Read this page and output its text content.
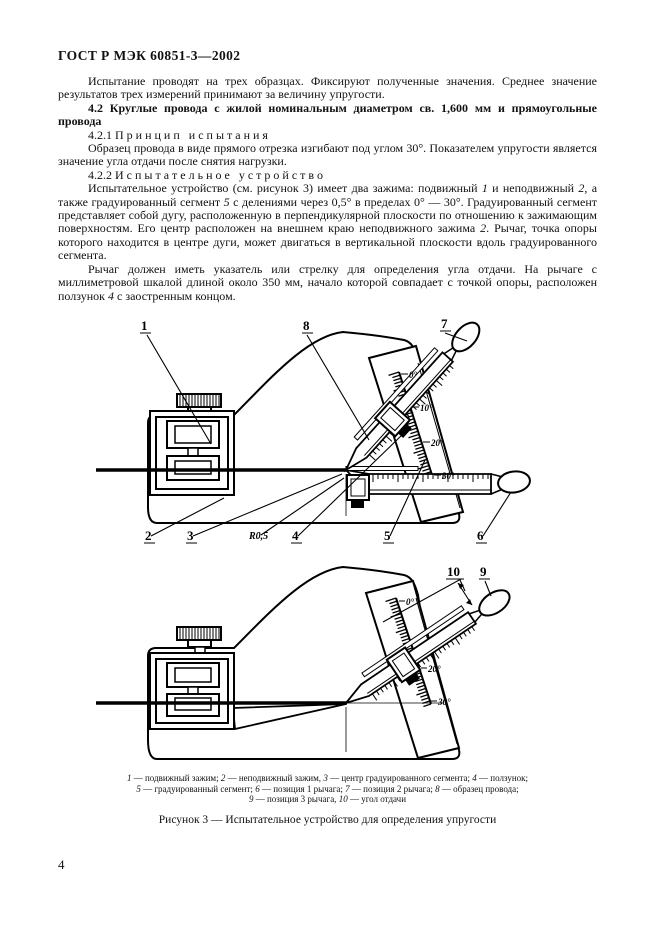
ГОСТ Р МЭК 60851-3—2002

Испытание проводят на трех образцах. Фиксируют полученные значения. Среднее значение результатов трех измерений принимают за величину упругости.

4.2 Круглые провода с жилой номинальным диаметром св. 1,600 мм и прямоугольные провода

4.2.1 П р и н ц и п   и с п ы т а н и я

Образец провода в виде прямого отрезка изгибают под углом 30°. Показателем упругости является значение угла отдачи после снятия нагрузки.

4.2.2 И с п ы т а т е л ь н о е   у с т р о й с т в о

Испытательное устройство (см. рисунок 3) имеет два зажима: подвижный 1 и неподвижный 2, а также градуированный сегмент 5 с делениями через 0,5° в пределах 0° — 30°. Градуированный сегмент представляет собой дугу, расположенную в перпендикулярной плоскости по отношению к зажимающим поверхностям. Его центр расположен на внешнем краю неподвижного зажима 2. Рычаг, точка опоры которого находится в центре дуги, может двигаться в вертикальной плоскости вдоль градуированного сегмента.

Рычаг должен иметь указатель или стрелку для определения угла отдачи. На рычаге с миллиметровой шкалой длиной около 350 мм, начало которой совпадает с точкой опоры, расположен ползунок 4 с заостренным концом.

1	8	7
2	3	R0,5 4	5	6
0°
10°
20°
30°
10 9
0°
20°
30°
1 — подвижный зажим; 2 — неподвижный зажим, 3 — центр градуированного сегмента; 4 — ползунок;
5 — градуированный сегмент; 6 — позиция 1 рычага; 7 — позиция 2 рычага; 8 — образец провода;
9 — позиция 3 рычага, 10 — угол отдачи
Рисунок 3 — Испытательное устройство для определения упругости
4
